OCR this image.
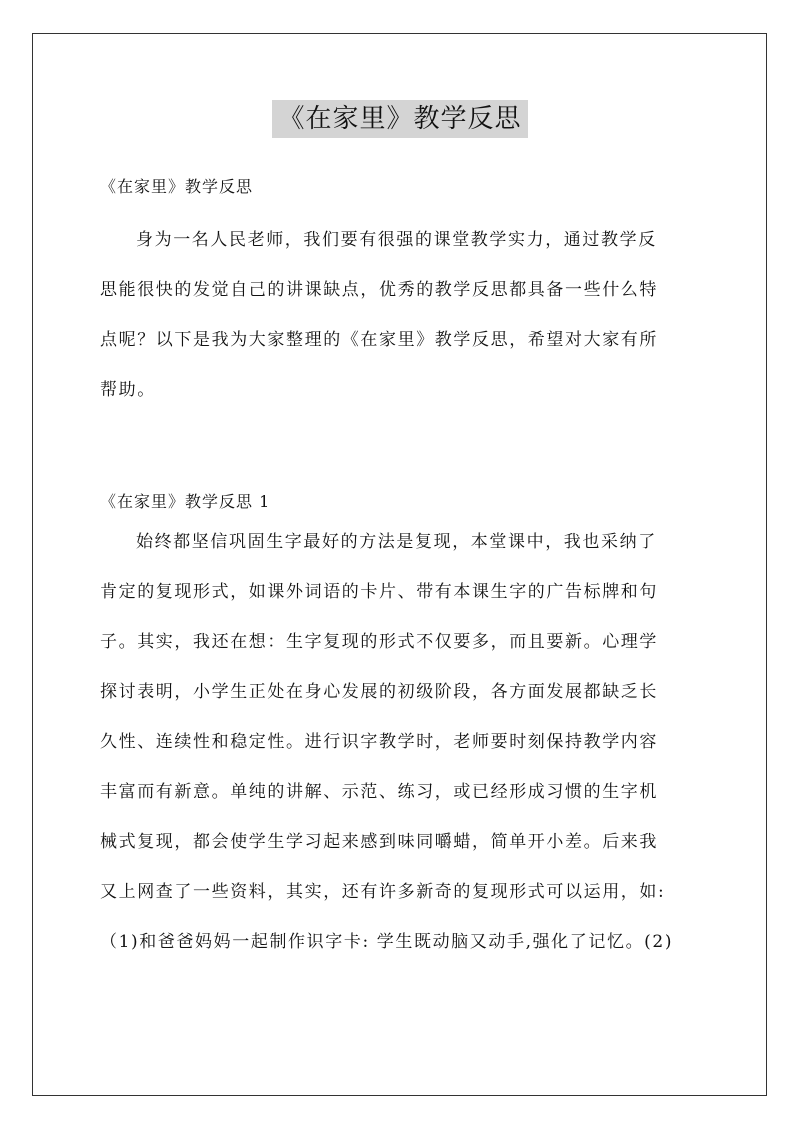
《在家里》教学反思
《在家里》教学反思

身为一名人民老师，我们要有很强的课堂教学实力，通过教学反
思能很快的发觉自己的讲课缺点，优秀的教学反思都具备一些什么特
点呢？以下是我为大家整理的《在家里》教学反思，希望对大家有所
帮助。

《在家里》教学反思 1

始终都坚信巩固生字最好的方法是复现，本堂课中，我也采纳了
肯定的复现形式，如课外词语的卡片、带有本课生字的广告标牌和句
子。其实，我还在想：生字复现的形式不仅要多，而且要新。心理学
探讨表明，小学生正处在身心发展的初级阶段，各方面发展都缺乏长
久性、连续性和稳定性。进行识字教学时，老师要时刻保持教学内容
丰富而有新意。单纯的讲解、示范、练习，或已经形成习惯的生字机
械式复现，都会使学生学习起来感到味同嚼蜡，简单开小差。后来我
又上网查了一些资料，其实，还有许多新奇的复现形式可以运用，如:
（1)和爸爸妈妈一起制作识字卡: 学生既动脑又动手,强化了记忆。(2)
